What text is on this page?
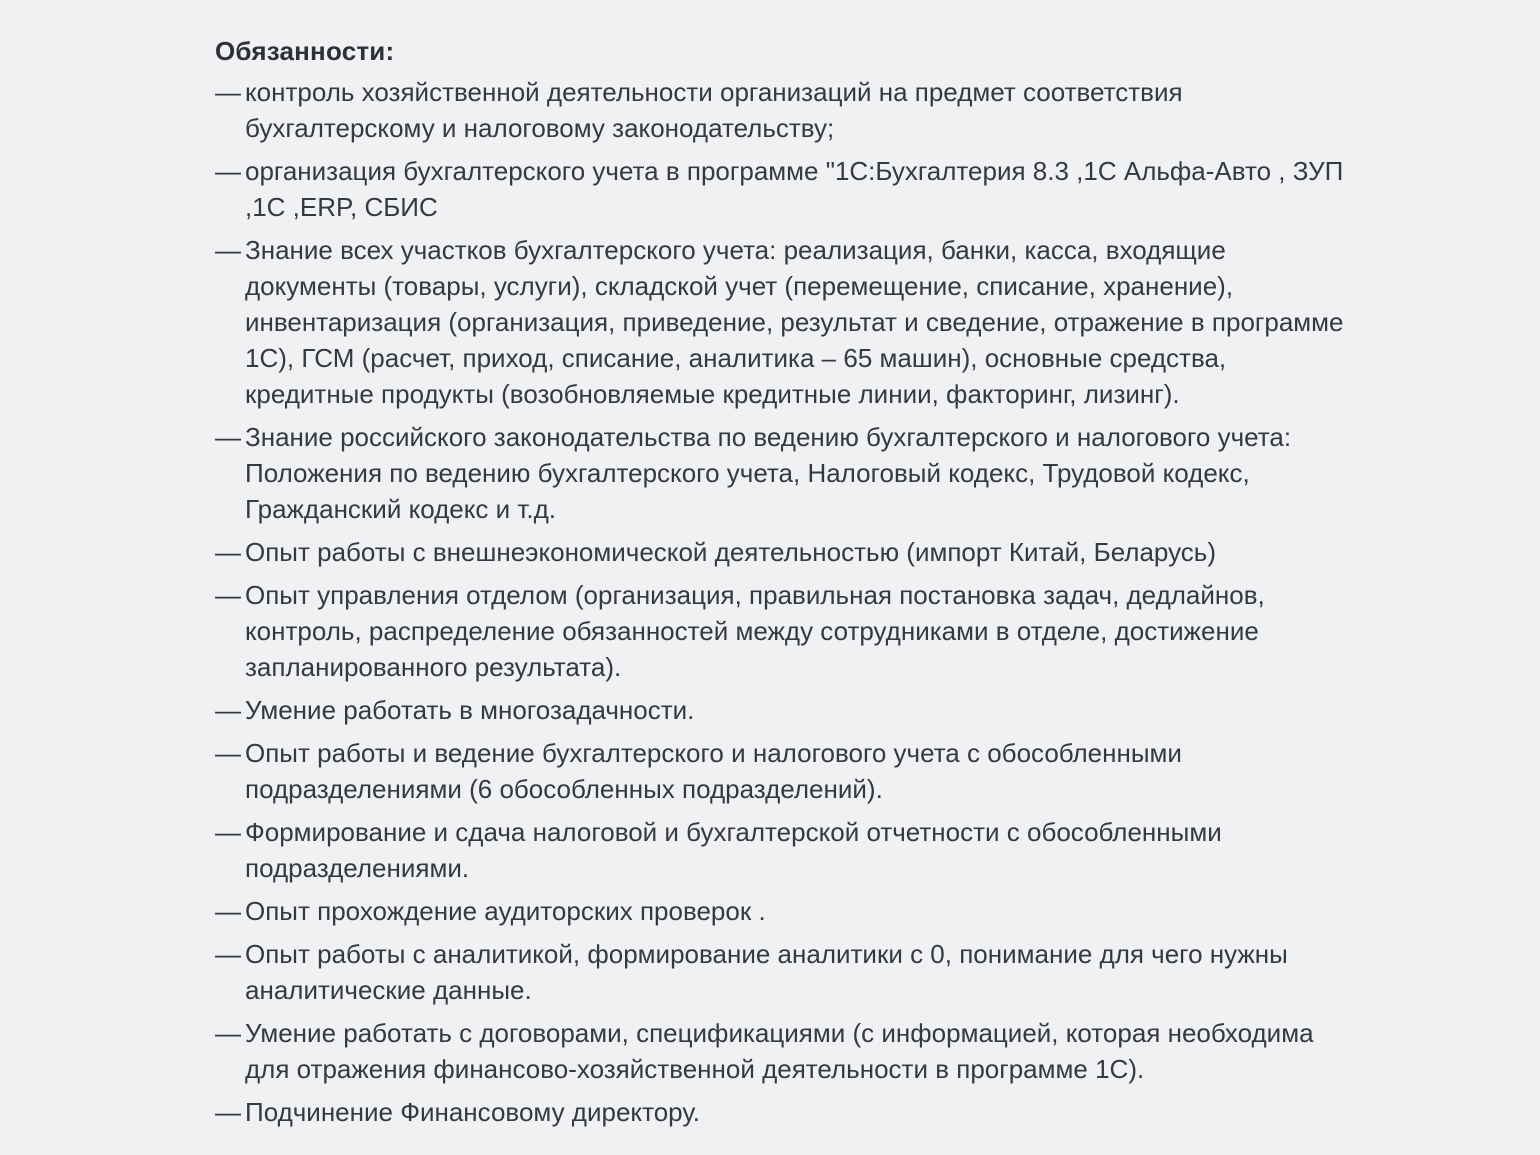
Обязанности:
— контроль хозяйственной деятельности организаций на предмет соответствия бухгалтерскому и налоговому законодательству;
— организация бухгалтерского учета в программе "1С:Бухгалтерия 8.3 ,1С Альфа-Авто , ЗУП ,1С ,ERP, СБИС
— Знание всех участков бухгалтерского учета: реализация, банки, касса, входящие документы (товары, услуги), складской учет (перемещение, списание, хранение), инвентаризация (организация, приведение, результат и сведение, отражение в программе 1С), ГСМ (расчет, приход, списание, аналитика – 65 машин), основные средства, кредитные продукты (возобновляемые кредитные линии, факторинг, лизинг).
— Знание российского законодательства по ведению бухгалтерского и налогового учета: Положения по ведению бухгалтерского учета, Налоговый кодекс, Трудовой кодекс, Гражданский кодекс и т.д.
— Опыт работы с внешнеэкономической деятельностью (импорт Китай, Беларусь)
— Опыт управления отделом (организация, правильная постановка задач, дедлайнов, контроль, распределение обязанностей между сотрудниками в отделе, достижение запланированного результата).
— Умение работать в многозадачности.
— Опыт работы и ведение бухгалтерского и налогового учета с обособленными подразделениями (6 обособленных подразделений).
— Формирование и сдача налоговой и бухгалтерской отчетности с обособленными подразделениями.
— Опыт прохождение аудиторских проверок .
— Опыт работы с аналитикой, формирование аналитики с 0, понимание для чего нужны аналитические данные.
— Умение работать с договорами, спецификациями (с информацией, которая необходима для отражения финансово-хозяйственной деятельности в программе 1С).
— Подчинение Финансовому директору.
